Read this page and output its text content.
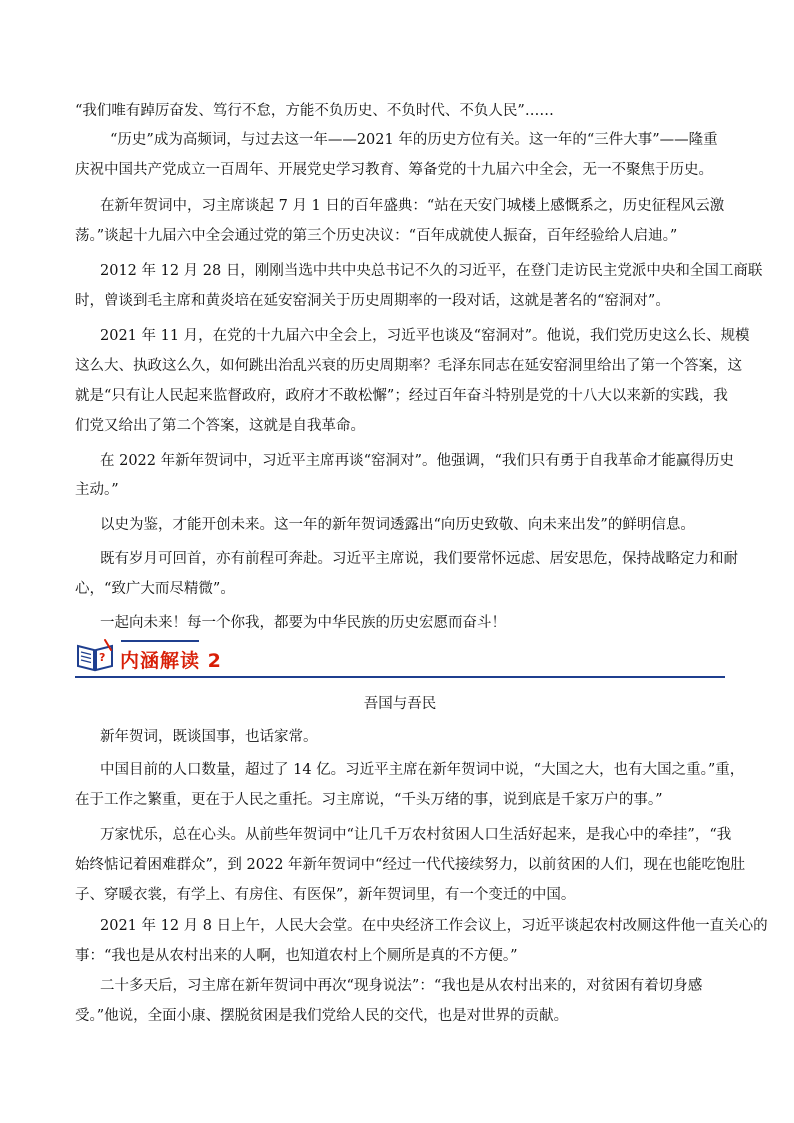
“我们唯有踔厉奋发、笃行不怠，方能不负历史、不负时代、不负人民”……

“历史”成为高频词，与过去这一年——2021 年的历史方位有关。这一年的“三件大事”——隆重

庆祝中国共产党成立一百周年、开展党史学习教育、筹备党的十九届六中全会，无一不聚焦于历史。

在新年贺词中，习主席谈起 7 月 1 日的百年盛典：“站在天安门城楼上感慨系之，历史征程风云激

荡。”谈起十九届六中全会通过党的第三个历史决议：“百年成就使人振奋，百年经验给人启迪。”

2012 年 12 月 28 日，刚刚当选中共中央总书记不久的习近平，在登门走访民主党派中央和全国工商联

时，曾谈到毛主席和黄炎培在延安窑洞关于历史周期率的一段对话，这就是著名的“窑洞对”。

2021 年 11 月，在党的十九届六中全会上，习近平也谈及“窑洞对”。他说，我们党历史这么长、规模

这么大、执政这么久，如何跳出治乱兴衰的历史周期率？毛泽东同志在延安窑洞里给出了第一个答案，这

就是“只有让人民起来监督政府，政府才不敢松懈”；经过百年奋斗特别是党的十八大以来新的实践，我

们党又给出了第二个答案，这就是自我革命。

在 2022 年新年贺词中，习近平主席再谈“窑洞对”。他强调，“我们只有勇于自我革命才能赢得历史

主动。”

以史为鉴，才能开创未来。这一年的新年贺词透露出“向历史致敬、向未来出发”的鲜明信息。

既有岁月可回首，亦有前程可奔赴。习近平主席说，我们要常怀远虑、居安思危，保持战略定力和耐

心，“致广大而尽精微”。

一起向未来！每一个你我，都要为中华民族的历史宏愿而奋斗！

? 内涵解读 2

吾国与吾民

新年贺词，既谈国事，也话家常。

中国目前的人口数量，超过了 14 亿。习近平主席在新年贺词中说，“大国之大，也有大国之重。”重，

在于工作之繁重，更在于人民之重托。习主席说，“千头万绪的事，说到底是千家万户的事。”

万家忧乐，总在心头。从前些年贺词中“让几千万农村贫困人口生活好起来，是我心中的牵挂”，“我

始终惦记着困难群众”，到 2022 年新年贺词中“经过一代代接续努力，以前贫困的人们，现在也能吃饱肚

子、穿暖衣裳，有学上、有房住、有医保”，新年贺词里，有一个变迁的中国。

2021 年 12 月 8 日上午，人民大会堂。在中央经济工作会议上，习近平谈起农村改厕这件他一直关心的

事：“我也是从农村出来的人啊，也知道农村上个厕所是真的不方便。”

二十多天后，习主席在新年贺词中再次“现身说法”：“我也是从农村出来的，对贫困有着切身感

受。”他说，全面小康、摆脱贫困是我们党给人民的交代，也是对世界的贡献。
